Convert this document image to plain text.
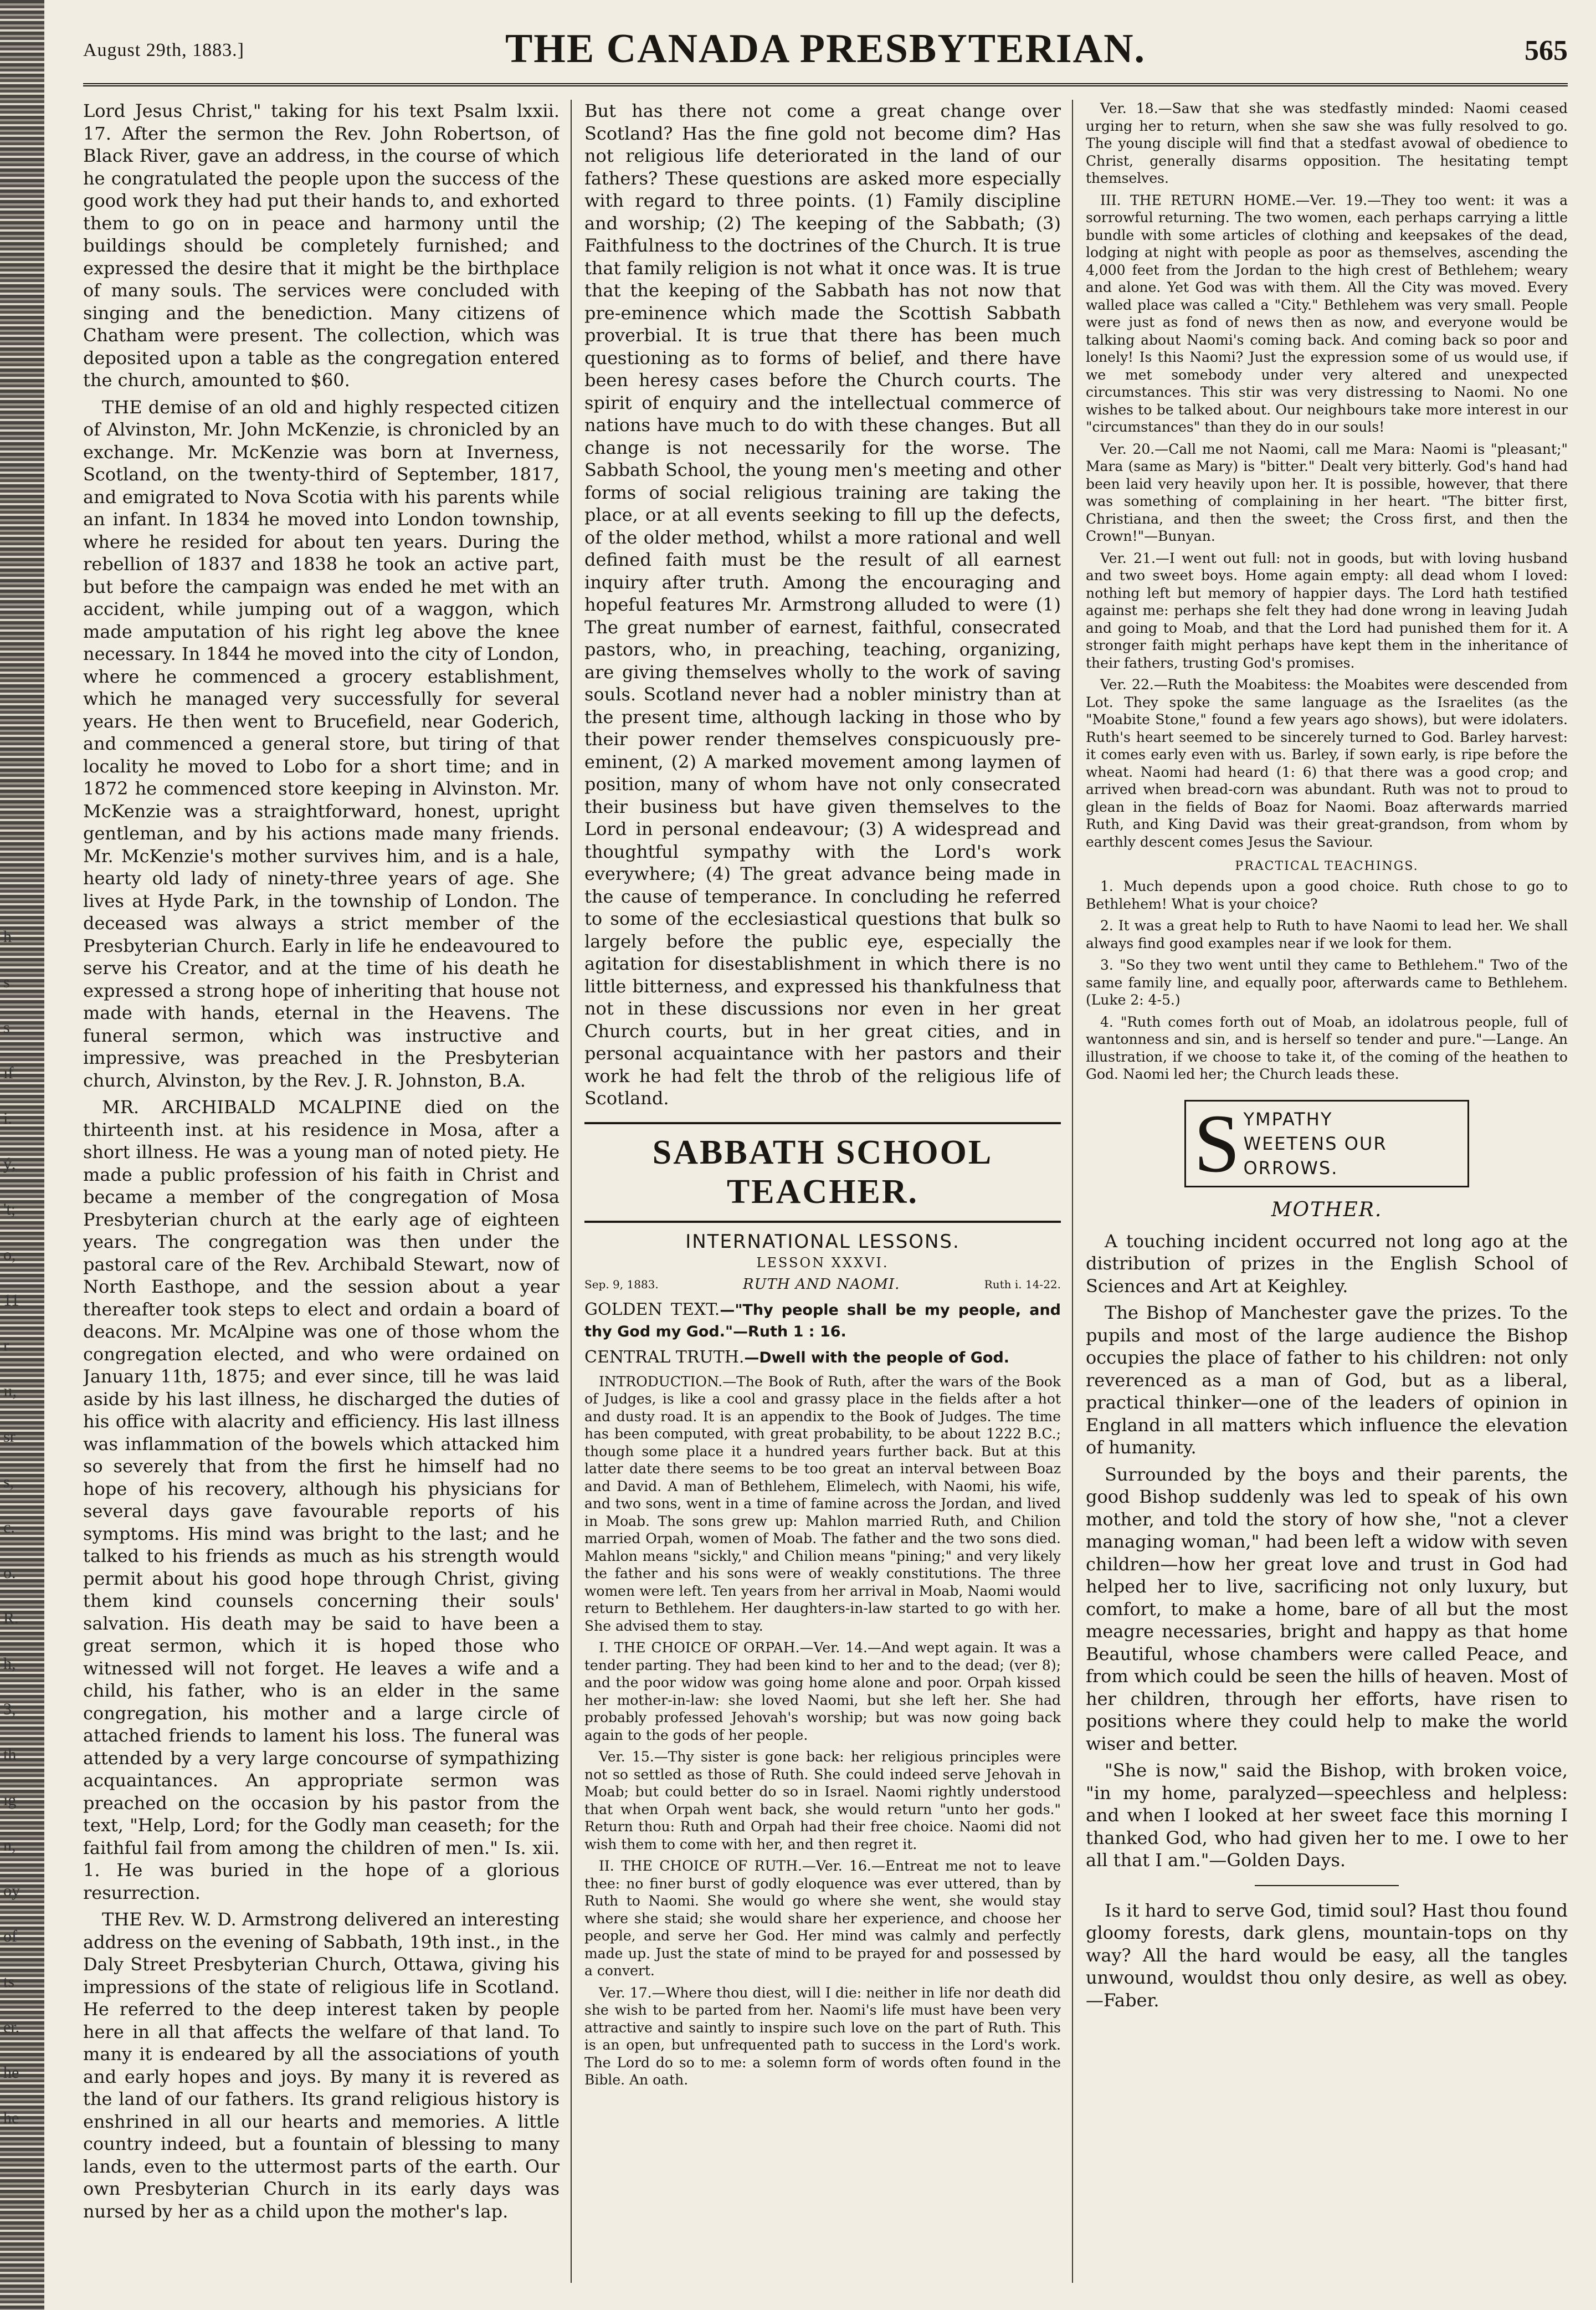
h
s
s
ıf
i.
ý,
't;
o,
11
r
ıı,
sr
s,
c.
o.
R.
h,
3,
th
ıg
n,
oy
of
ts
er.
he
he
August 29th, 1883.]	THE CANADA PRESBYTERIAN.	565

Lord Jesus Christ," taking for his text Psalm lxxii. 17. After the sermon the Rev. John Robertson, of Black River, gave an address, in the course of which he congratulated the people upon the success of the good work they had put their hands to, and exhorted them to go on in peace and harmony until the buildings should be completely furnished; and expressed the desire that it might be the birthplace of many souls. The services were concluded with singing and the benediction. Many citizens of Chatham were present. The collection, which was deposited upon a table as the congregation entered the church, amounted to $60.

THE demise of an old and highly respected citizen of Alvinston, Mr. John McKenzie, is chronicled by an exchange. Mr. McKenzie was born at Inverness, Scotland, on the twenty-third of September, 1817, and emigrated to Nova Scotia with his parents while an infant. In 1834 he moved into London township, where he resided for about ten years. During the rebellion of 1837 and 1838 he took an active part, but before the campaign was ended he met with an accident, while jumping out of a waggon, which made amputation of his right leg above the knee necessary. In 1844 he moved into the city of London, where he commenced a grocery establishment, which he managed very successfully for several years. He then went to Brucefield, near Goderich, and commenced a general store, but tiring of that locality he moved to Lobo for a short time; and in 1872 he commenced store keeping in Alvinston. Mr. McKenzie was a straightforward, honest, upright gentleman, and by his actions made many friends. Mr. McKenzie's mother survives him, and is a hale, hearty old lady of ninety-three years of age. She lives at Hyde Park, in the township of London. The deceased was always a strict member of the Presbyterian Church. Early in life he endeavoured to serve his Creator, and at the time of his death he expressed a strong hope of inheriting that house not made with hands, eternal in the Heavens. The funeral sermon, which was instructive and impressive, was preached in the Presbyterian church, Alvinston, by the Rev. J. R. Johnston, B.A.

MR. ARCHIBALD MCALPINE died on the thirteenth inst. at his residence in Mosa, after a short illness. He was a young man of noted piety. He made a public profession of his faith in Christ and became a member of the congregation of Mosa Presbyterian church at the early age of eighteen years. The congregation was then under the pastoral care of the Rev. Archibald Stewart, now of North Easthope, and the session about a year thereafter took steps to elect and ordain a board of deacons. Mr. McAlpine was one of those whom the congregation elected, and who were ordained on January 11th, 1875; and ever since, till he was laid aside by his last illness, he discharged the duties of his office with alacrity and efficiency. His last illness was inflammation of the bowels which attacked him so severely that from the first he himself had no hope of his recovery, although his physicians for several days gave favourable reports of his symptoms. His mind was bright to the last; and he talked to his friends as much as his strength would permit about his good hope through Christ, giving them kind counsels concerning their souls' salvation. His death may be said to have been a great sermon, which it is hoped those who witnessed will not forget. He leaves a wife and a child, his father, who is an elder in the same congregation, his mother and a large circle of attached friends to lament his loss. The funeral was attended by a very large concourse of sympathizing acquaintances. An appropriate sermon was preached on the occasion by his pastor from the text, "Help, Lord; for the Godly man ceaseth; for the faithful fail from among the children of men." Is. xii. 1. He was buried in the hope of a glorious resurrection.

THE Rev. W. D. Armstrong delivered an interesting address on the evening of Sabbath, 19th inst., in the Daly Street Presbyterian Church, Ottawa, giving his impressions of the state of religious life in Scotland. He referred to the deep interest taken by people here in all that affects the welfare of that land. To many it is endeared by all the associations of youth and early hopes and joys. By many it is revered as the land of our fathers. Its grand religious history is enshrined in all our hearts and memories. A little country indeed, but a fountain of blessing to many lands, even to the uttermost parts of the earth. Our own Presbyterian Church in its early days was nursed by her as a child upon the mother's lap.

But has there not come a great change over Scotland? Has the fine gold not become dim? Has not religious life deteriorated in the land of our fathers? These questions are asked more especially with regard to three points. (1) Family discipline and worship; (2) The keeping of the Sabbath; (3) Faithfulness to the doctrines of the Church. It is true that family religion is not what it once was. It is true that the keeping of the Sabbath has not now that pre-eminence which made the Scottish Sabbath proverbial. It is true that there has been much questioning as to forms of belief, and there have been heresy cases before the Church courts. The spirit of enquiry and the intellectual commerce of nations have much to do with these changes. But all change is not necessarily for the worse. The Sabbath School, the young men's meeting and other forms of social religious training are taking the place, or at all events seeking to fill up the defects, of the older method, whilst a more rational and well defined faith must be the result of all earnest inquiry after truth. Among the encouraging and hopeful features Mr. Armstrong alluded to were (1) The great number of earnest, faithful, consecrated pastors, who, in preaching, teaching, organizing, are giving themselves wholly to the work of saving souls. Scotland never had a nobler ministry than at the present time, although lacking in those who by their power render themselves conspicuously pre-eminent, (2) A marked movement among laymen of position, many of whom have not only consecrated their business but have given themselves to the Lord in personal endeavour; (3) A widespread and thoughtful sympathy with the Lord's work everywhere; (4) The great advance being made in the cause of temperance. In concluding he referred to some of the ecclesiastical questions that bulk so largely before the public eye, especially the agitation for disestablishment in which there is no little bitterness, and expressed his thankfulness that not in these discussions nor even in her great Church courts, but in her great cities, and in personal acquaintance with her pastors and their work he had felt the throb of the religious life of Scotland.

SABBATH SCHOOL TEACHER.

INTERNATIONAL LESSONS.

LESSON XXXVI.

Sep. 9, 1883.	RUTH AND NAOMI.	Ruth i. 14-22.

GOLDEN TEXT.—"Thy people shall be my people, and thy God my God."—Ruth 1 : 16.

CENTRAL TRUTH.—Dwell with the people of God.

INTRODUCTION.—The Book of Ruth, after the wars of the Book of Judges, is like a cool and grassy place in the fields after a hot and dusty road. It is an appendix to the Book of Judges. The time has been computed, with great probability, to be about 1222 B.C.; though some place it a hundred years further back. But at this latter date there seems to be too great an interval between Boaz and David. A man of Bethlehem, Elimelech, with Naomi, his wife, and two sons, went in a time of famine across the Jordan, and lived in Moab. The sons grew up: Mahlon married Ruth, and Chilion married Orpah, women of Moab. The father and the two sons died. Mahlon means "sickly," and Chilion means "pining;" and very likely the father and his sons were of weakly constitutions. The three women were left. Ten years from her arrival in Moab, Naomi would return to Bethlehem. Her daughters-in-law started to go with her. She advised them to stay.

I. THE CHOICE OF ORPAH.—Ver. 14.—And wept again. It was a tender parting. They had been kind to her and to the dead; (ver 8); and the poor widow was going home alone and poor. Orpah kissed her mother-in-law: she loved Naomi, but she left her. She had probably professed Jehovah's worship; but was now going back again to the gods of her people.

Ver. 15.—Thy sister is gone back: her religious principles were not so settled as those of Ruth. She could indeed serve Jehovah in Moab; but could better do so in Israel. Naomi rightly understood that when Orpah went back, she would return "unto her gods." Return thou: Ruth and Orpah had their free choice. Naomi did not wish them to come with her, and then regret it.

II. THE CHOICE OF RUTH.—Ver. 16.—Entreat me not to leave thee: no finer burst of godly eloquence was ever uttered, than by Ruth to Naomi. She would go where she went, she would stay where she staid; she would share her experience, and choose her people, and serve her God. Her mind was calmly and perfectly made up. Just the state of mind to be prayed for and possessed by a convert.

Ver. 17.—Where thou diest, will I die: neither in life nor death did she wish to be parted from her. Naomi's life must have been very attractive and saintly to inspire such love on the part of Ruth. This is an open, but unfrequented path to success in the Lord's work. The Lord do so to me: a solemn form of words often found in the Bible. An oath.

Ver. 18.—Saw that she was stedfastly minded: Naomi ceased urging her to return, when she saw she was fully resolved to go. The young disciple will find that a stedfast avowal of obedience to Christ, generally disarms opposition. The hesitating tempt themselves.

III. THE RETURN HOME.—Ver. 19.—They too went: it was a sorrowful returning. The two women, each perhaps carrying a little bundle with some articles of clothing and keepsakes of the dead, lodging at night with people as poor as themselves, ascending the 4,000 feet from the Jordan to the high crest of Bethlehem; weary and alone. Yet God was with them. All the City was moved. Every walled place was called a "City." Bethlehem was very small. People were just as fond of news then as now, and everyone would be talking about Naomi's coming back. And coming back so poor and lonely! Is this Naomi? Just the expression some of us would use, if we met somebody under very altered and unexpected circumstances. This stir was very distressing to Naomi. No one wishes to be talked about. Our neighbours take more interest in our "circumstances" than they do in our souls!

Ver. 20.—Call me not Naomi, call me Mara: Naomi is "pleasant;" Mara (same as Mary) is "bitter." Dealt very bitterly. God's hand had been laid very heavily upon her. It is possible, however, that there was something of complaining in her heart. "The bitter first, Christiana, and then the sweet; the Cross first, and then the Crown!"—Bunyan.

Ver. 21.—I went out full: not in goods, but with loving husband and two sweet boys. Home again empty: all dead whom I loved: nothing left but memory of happier days. The Lord hath testified against me: perhaps she felt they had done wrong in leaving Judah and going to Moab, and that the Lord had punished them for it. A stronger faith might perhaps have kept them in the inheritance of their fathers, trusting God's promises.

Ver. 22.—Ruth the Moabitess: the Moabites were descended from Lot. They spoke the same language as the Israelites (as the "Moabite Stone," found a few years ago shows), but were idolaters. Ruth's heart seemed to be sincerely turned to God. Barley harvest: it comes early even with us. Barley, if sown early, is ripe before the wheat. Naomi had heard (1: 6) that there was a good crop; and arrived when bread-corn was abundant. Ruth was not to proud to glean in the fields of Boaz for Naomi. Boaz afterwards married Ruth, and King David was their great-grandson, from whom by earthly descent comes Jesus the Saviour.

PRACTICAL TEACHINGS.

1. Much depends upon a good choice. Ruth chose to go to Bethlehem! What is your choice?

2. It was a great help to Ruth to have Naomi to lead her. We shall always find good examples near if we look for them.

3. "So they two went until they came to Bethlehem." Two of the same family line, and equally poor, afterwards came to Bethlehem. (Luke 2: 4-5.)

4. "Ruth comes forth out of Moab, an idolatrous people, full of wantonness and sin, and is herself so tender and pure."—Lange. An illustration, if we choose to take it, of the coming of the heathen to God. Naomi led her; the Church leads these.

S YMPATHY
WEETENS OUR
ORROWS.

MOTHER.

A touching incident occurred not long ago at the distribution of prizes in the English School of Sciences and Art at Keighley.

The Bishop of Manchester gave the prizes. To the pupils and most of the large audience the Bishop occupies the place of father to his children: not only reverenced as a man of God, but as a liberal, practical thinker—one of the leaders of opinion in England in all matters which influence the elevation of humanity.

Surrounded by the boys and their parents, the good Bishop suddenly was led to speak of his own mother, and told the story of how she, "not a clever managing woman," had been left a widow with seven children—how her great love and trust in God had helped her to live, sacrificing not only luxury, but comfort, to make a home, bare of all but the most meagre necessaries, bright and happy as that home Beautiful, whose chambers were called Peace, and from which could be seen the hills of heaven. Most of her children, through her efforts, have risen to positions where they could help to make the world wiser and better.

"She is now," said the Bishop, with broken voice, "in my home, paralyzed—speechless and helpless: and when I looked at her sweet face this morning I thanked God, who had given her to me. I owe to her all that I am."—Golden Days.

Is it hard to serve God, timid soul? Hast thou found gloomy forests, dark glens, mountain-tops on thy way? All the hard would be easy, all the tangles unwound, wouldst thou only desire, as well as obey.—Faber.
